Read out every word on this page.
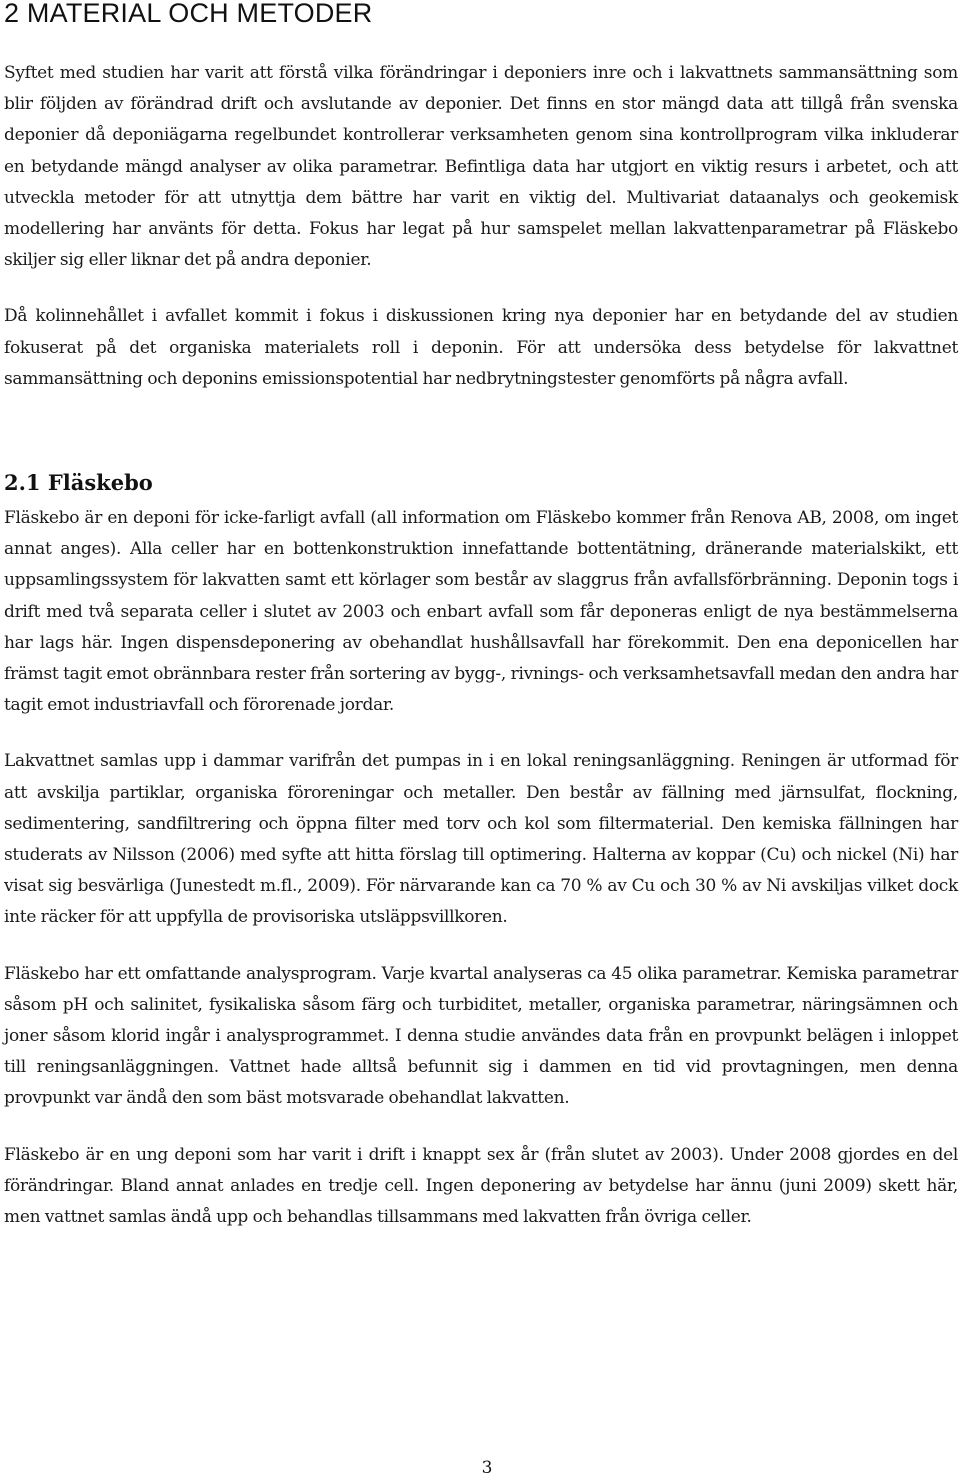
2 MATERIAL OCH METODER

Syftet med studien har varit att förstå vilka förändringar i deponiers inre och i lakvattnets sammansättning som blir följden av förändrad drift och avslutande av deponier. Det finns en stor mängd data att tillgå från svenska deponier då deponiägarna regelbundet kontrollerar verksamheten genom sina kontrollprogram vilka inkluderar en betydande mängd analyser av olika parametrar. Befintliga data har utgjort en viktig resurs i arbetet, och att utveckla metoder för att utnyttja dem bättre har varit en viktig del. Multivariat dataanalys och geokemisk modellering har använts för detta. Fokus har legat på hur samspelet mellan lakvattenparametrar på Fläskebo skiljer sig eller liknar det på andra deponier.

Då kolinnehållet i avfallet kommit i fokus i diskussionen kring nya deponier har en betydande del av studien fokuserat på det organiska materialets roll i deponin. För att undersöka dess betydelse för lakvattnet sammansättning och deponins emissionspotential har nedbrytningstester genomförts på några avfall.

2.1 Fläskebo

Fläskebo är en deponi för icke-farligt avfall (all information om Fläskebo kommer från Renova AB, 2008, om inget annat anges). Alla celler har en bottenkonstruktion innefattande bottentätning, dränerande materialskikt, ett uppsamlingssystem för lakvatten samt ett körlager som består av slaggrus från avfallsförbränning. Deponin togs i drift med två separata celler i slutet av 2003 och enbart avfall som får deponeras enligt de nya bestämmelserna har lags här. Ingen dispensdeponering av obehandlat hushållsavfall har förekommit. Den ena deponicellen har främst tagit emot obrännbara rester från sortering av bygg-, rivnings- och verksamhetsavfall medan den andra har tagit emot industriavfall och förorenade jordar.

Lakvattnet samlas upp i dammar varifrån det pumpas in i en lokal reningsanläggning. Reningen är utformad för att avskilja partiklar, organiska föroreningar och metaller. Den består av fällning med järnsulfat, flockning, sedimentering, sandfiltrering och öppna filter med torv och kol som filtermaterial. Den kemiska fällningen har studerats av Nilsson (2006) med syfte att hitta förslag till optimering. Halterna av koppar (Cu) och nickel (Ni) har visat sig besvärliga (Junestedt m.fl., 2009). För närvarande kan ca 70 % av Cu och 30 % av Ni avskiljas vilket dock inte räcker för att uppfylla de provisoriska utsläppsvillkoren.

Fläskebo har ett omfattande analysprogram. Varje kvartal analyseras ca 45 olika parametrar. Kemiska parametrar såsom pH och salinitet, fysikaliska såsom färg och turbiditet, metaller, organiska parametrar, näringsämnen och joner såsom klorid ingår i analysprogrammet. I denna studie användes data från en provpunkt belägen i inloppet till reningsanläggningen. Vattnet hade alltså befunnit sig i dammen en tid vid provtagningen, men denna provpunkt var ändå den som bäst motsvarade obehandlat lakvatten.

Fläskebo är en ung deponi som har varit i drift i knappt sex år (från slutet av 2003). Under 2008 gjordes en del förändringar. Bland annat anlades en tredje cell. Ingen deponering av betydelse har ännu (juni 2009) skett här, men vattnet samlas ändå upp och behandlas tillsammans med lakvatten från övriga celler.

3
